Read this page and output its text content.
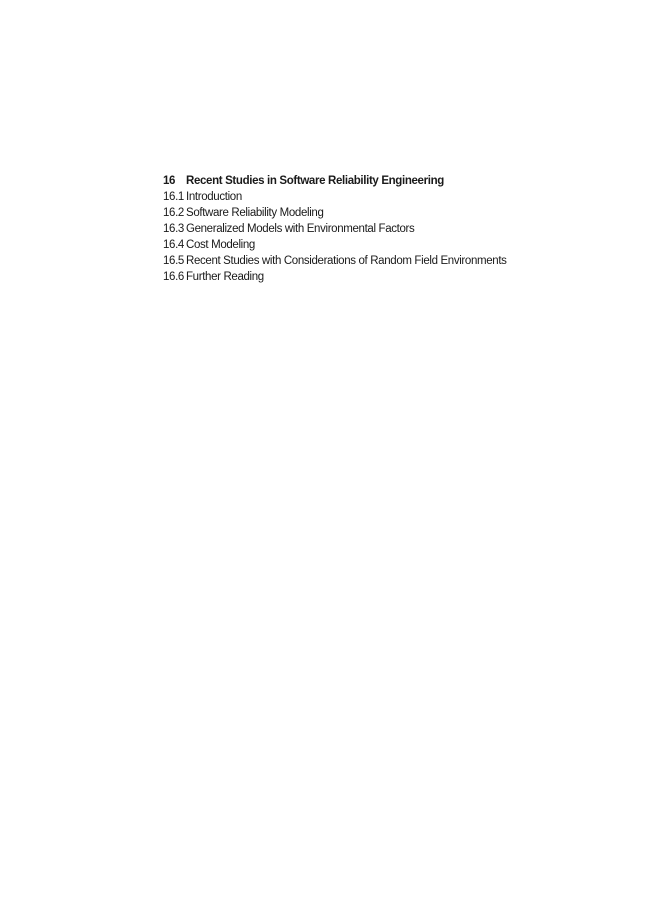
16 Recent Studies in Software Reliability Engineering
16.1 Introduction
16.2 Software Reliability Modeling
16.3 Generalized Models with Environmental Factors
16.4 Cost Modeling
16.5 Recent Studies with Considerations of Random Field Environments
16.6 Further Reading
